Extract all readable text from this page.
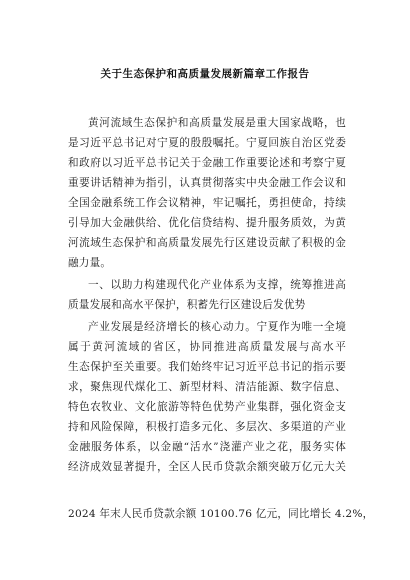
关于生态保护和高质量发展新篇章工作报告
黄河流域生态保护和高质量发展是重大国家战略，也
是习近平总书记对宁夏的殷殷嘱托。宁夏回族自治区党委
和政府以习近平总书记关于金融工作重要论述和考察宁夏
重要讲话精神为指引，认真贯彻落实中央金融工作会议和
全国金融系统工作会议精神，牢记嘱托，勇担使命，持续
引导加大金融供给、优化信贷结构、提升服务质效，为黄
河流域生态保护和高质量发展先行区建设贡献了积极的金
融力量。
一、以助力构建现代化产业体系为支撑，统筹推进高
质量发展和高水平保护，积蓄先行区建设后发优势
产业发展是经济增长的核心动力。宁夏作为唯一全境
属于黄河流域的省区，协同推进高质量发展与高水平
生态保护至关重要。我们始终牢记习近平总书记的指示要
求，聚焦现代煤化工、新型材料、清洁能源、数字信息、
特色农牧业、文化旅游等特色优势产业集群，强化资金支
持和风险保障，积极打造多元化、多层次、多渠道的产业
金融服务体系，以金融“活水”浇灌产业之花，服务实体
经济成效显著提升，全区人民币贷款余额突破万亿元大关
2024 年末人民币贷款余额 10100.76 亿元，同比增长 4.2%，
